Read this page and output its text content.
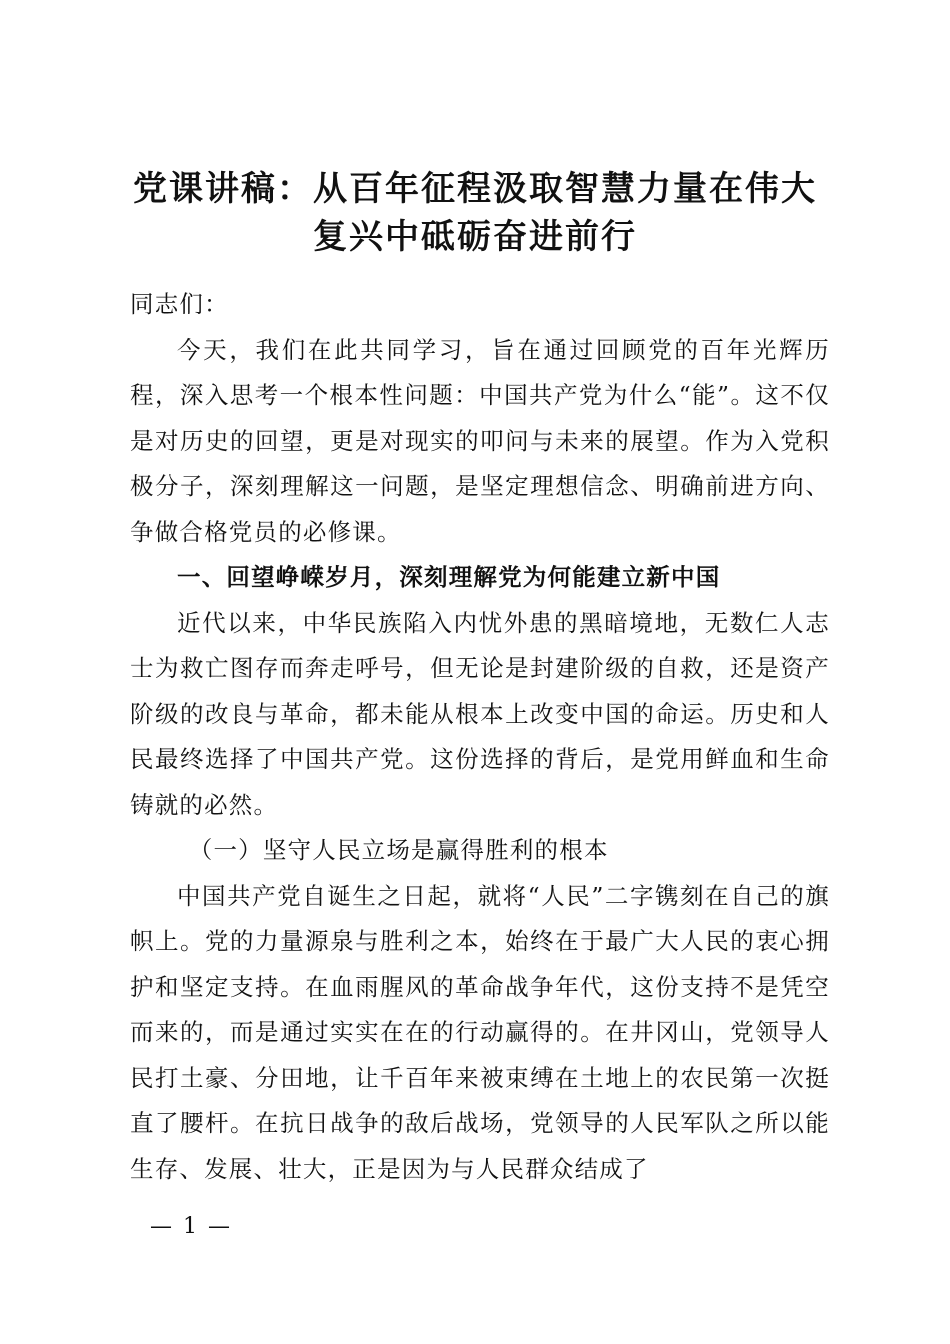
党课讲稿：从百年征程汲取智慧力量在伟大
复兴中砥砺奋进前行

同志们：

今天，我们在此共同学习，旨在通过回顾党的百年光辉历程，深入思考一个根本性问题：中国共产党为什么“能”。这不仅是对历史的回望，更是对现实的叩问与未来的展望。作为入党积极分子，深刻理解这一问题，是坚定理想信念、明确前进方向、争做合格党员的必修课。

一、回望峥嵘岁月，深刻理解党为何能建立新中国

近代以来，中华民族陷入内忧外患的黑暗境地，无数仁人志士为救亡图存而奔走呼号，但无论是封建阶级的自救，还是资产阶级的改良与革命，都未能从根本上改变中国的命运。历史和人民最终选择了中国共产党。这份选择的背后，是党用鲜血和生命铸就的必然。

（一）坚守人民立场是赢得胜利的根本

中国共产党自诞生之日起，就将“人民”二字镌刻在自己的旗帜上。党的力量源泉与胜利之本，始终在于最广大人民的衷心拥护和坚定支持。在血雨腥风的革命战争年代，这份支持不是凭空而来的，而是通过实实在在的行动赢得的。在井冈山，党领导人民打土豪、分田地，让千百年来被束缚在土地上的农民第一次挺直了腰杆。在抗日战争的敌后战场，党领导的人民军队之所以能生存、发展、壮大，正是因为与人民群众结成了

— 1 —
